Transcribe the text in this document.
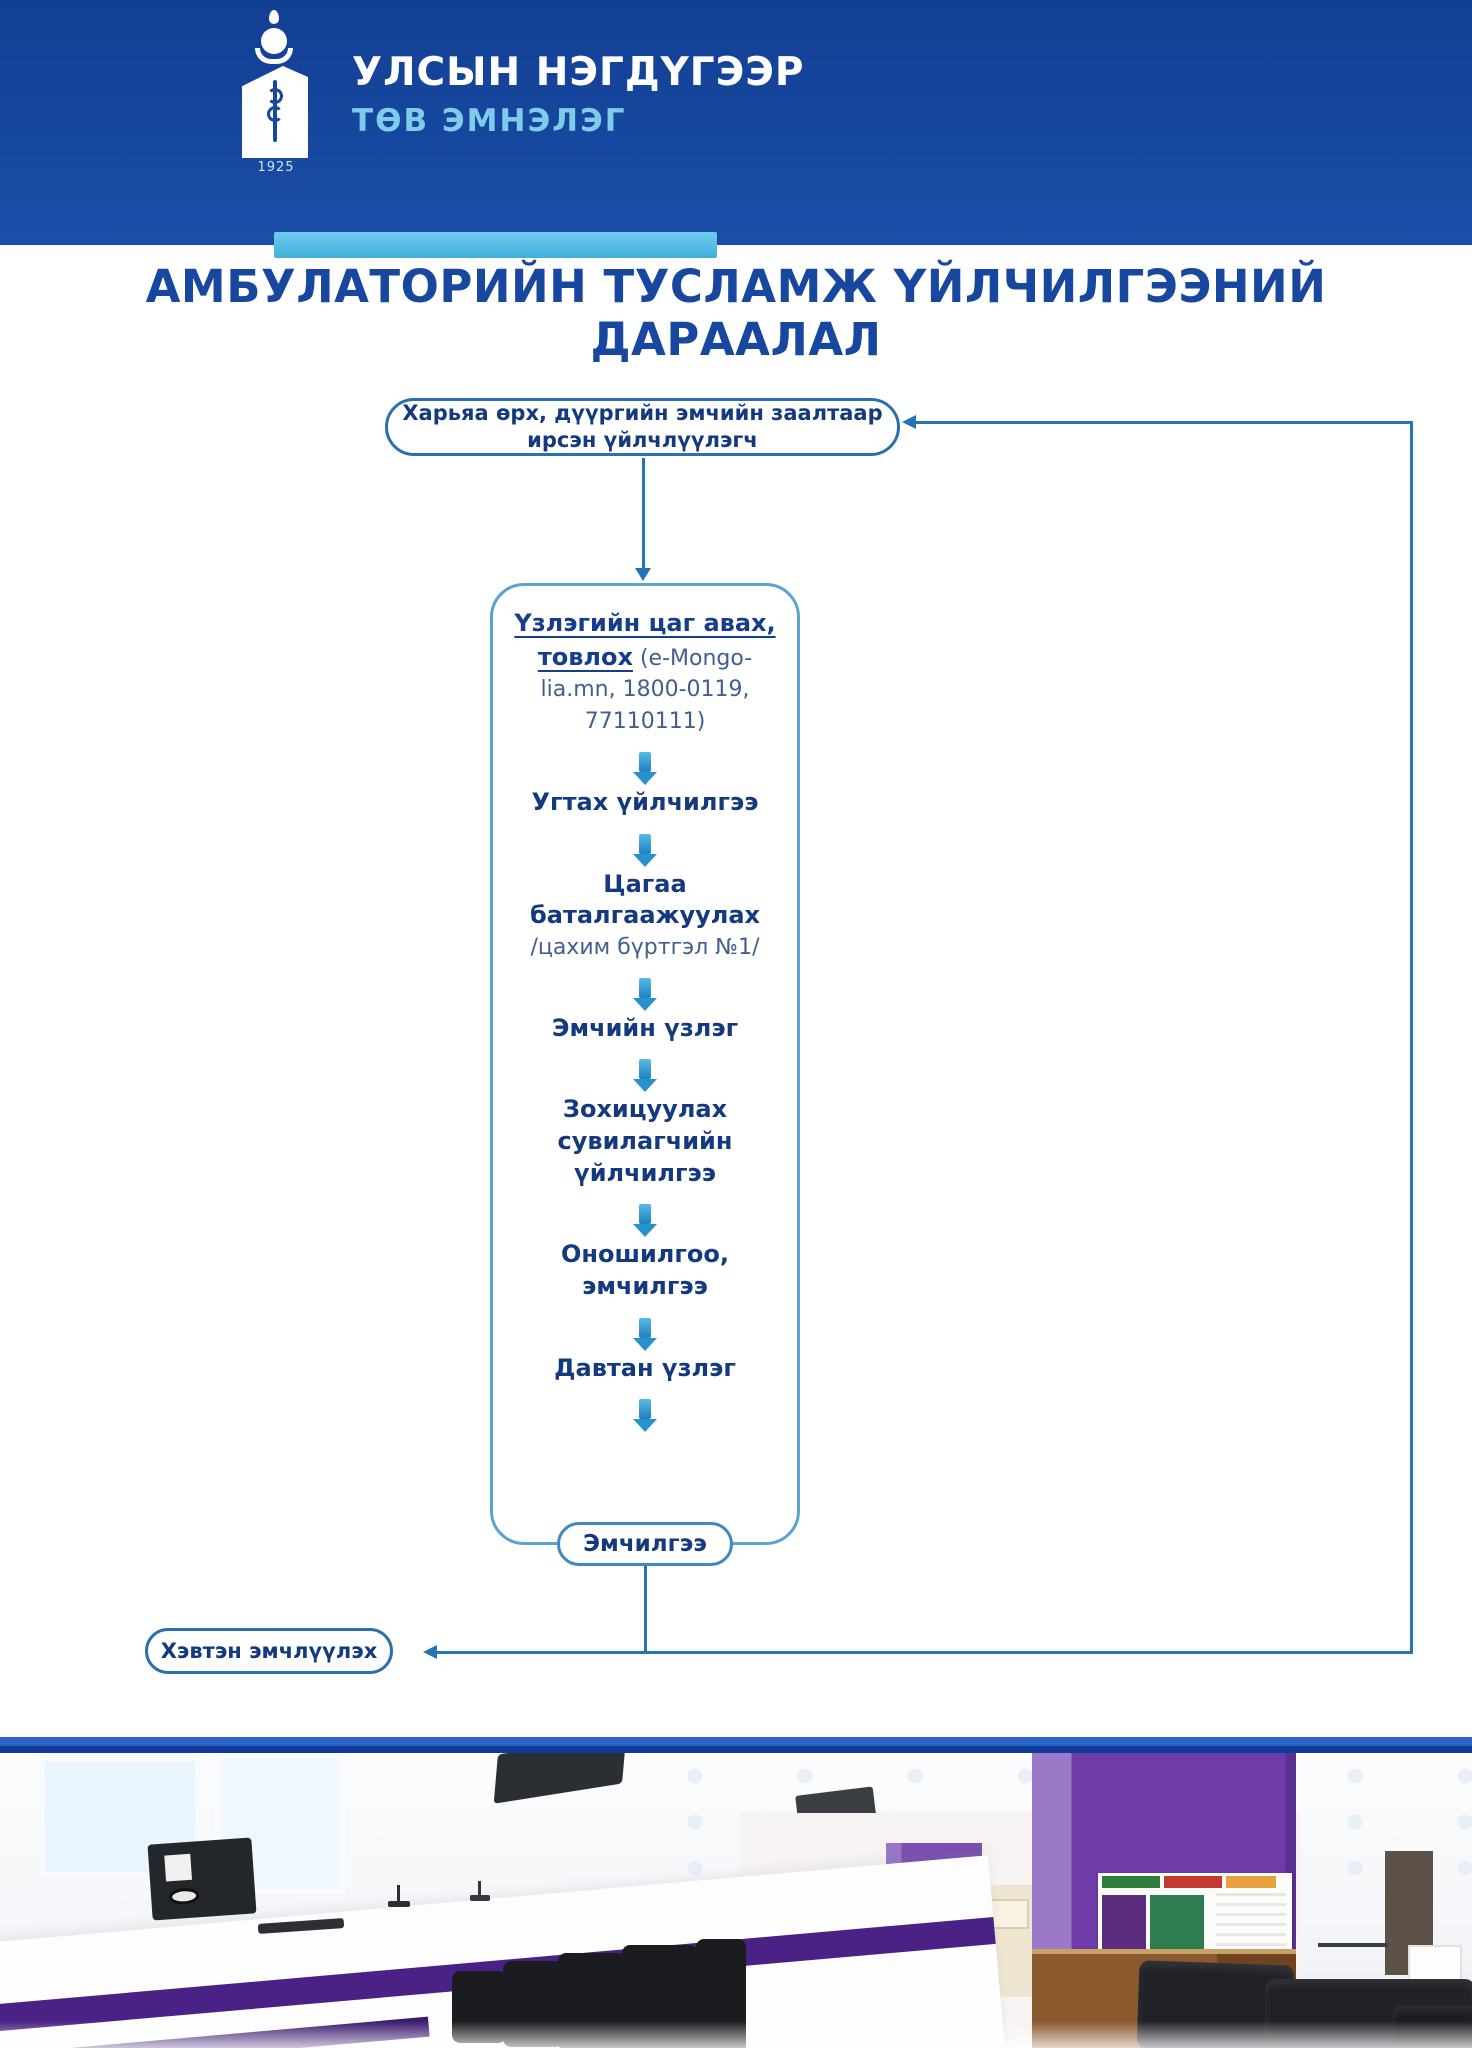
1925
УЛСЫН НЭГДҮГЭЭР
ТӨВ ЭМНЭЛЭГ
АМБУЛАТОРИЙН ТУСЛАМЖ ҮЙЛЧИЛГЭЭНИЙ
ДАРААЛАЛ
Харьяа өрх, дүүргийн эмчийн заалтаар
ирсэн үйлчлүүлэгч
Үзлэгийн цаг авах,
товлох (e-Mongo-
lia.mn, 1800-0119,
77110111)
Угтах үйлчилгээ
Цагаа баталгаажуулах
/цахим бүртгэл №1/
Эмчийн үзлэг
Зохицуулах сувилагчийн үйлчилгээ
Оношилгоо, эмчилгээ
Давтан үзлэг
Эмчилгээ
Хэвтэн эмчлүүлэх
